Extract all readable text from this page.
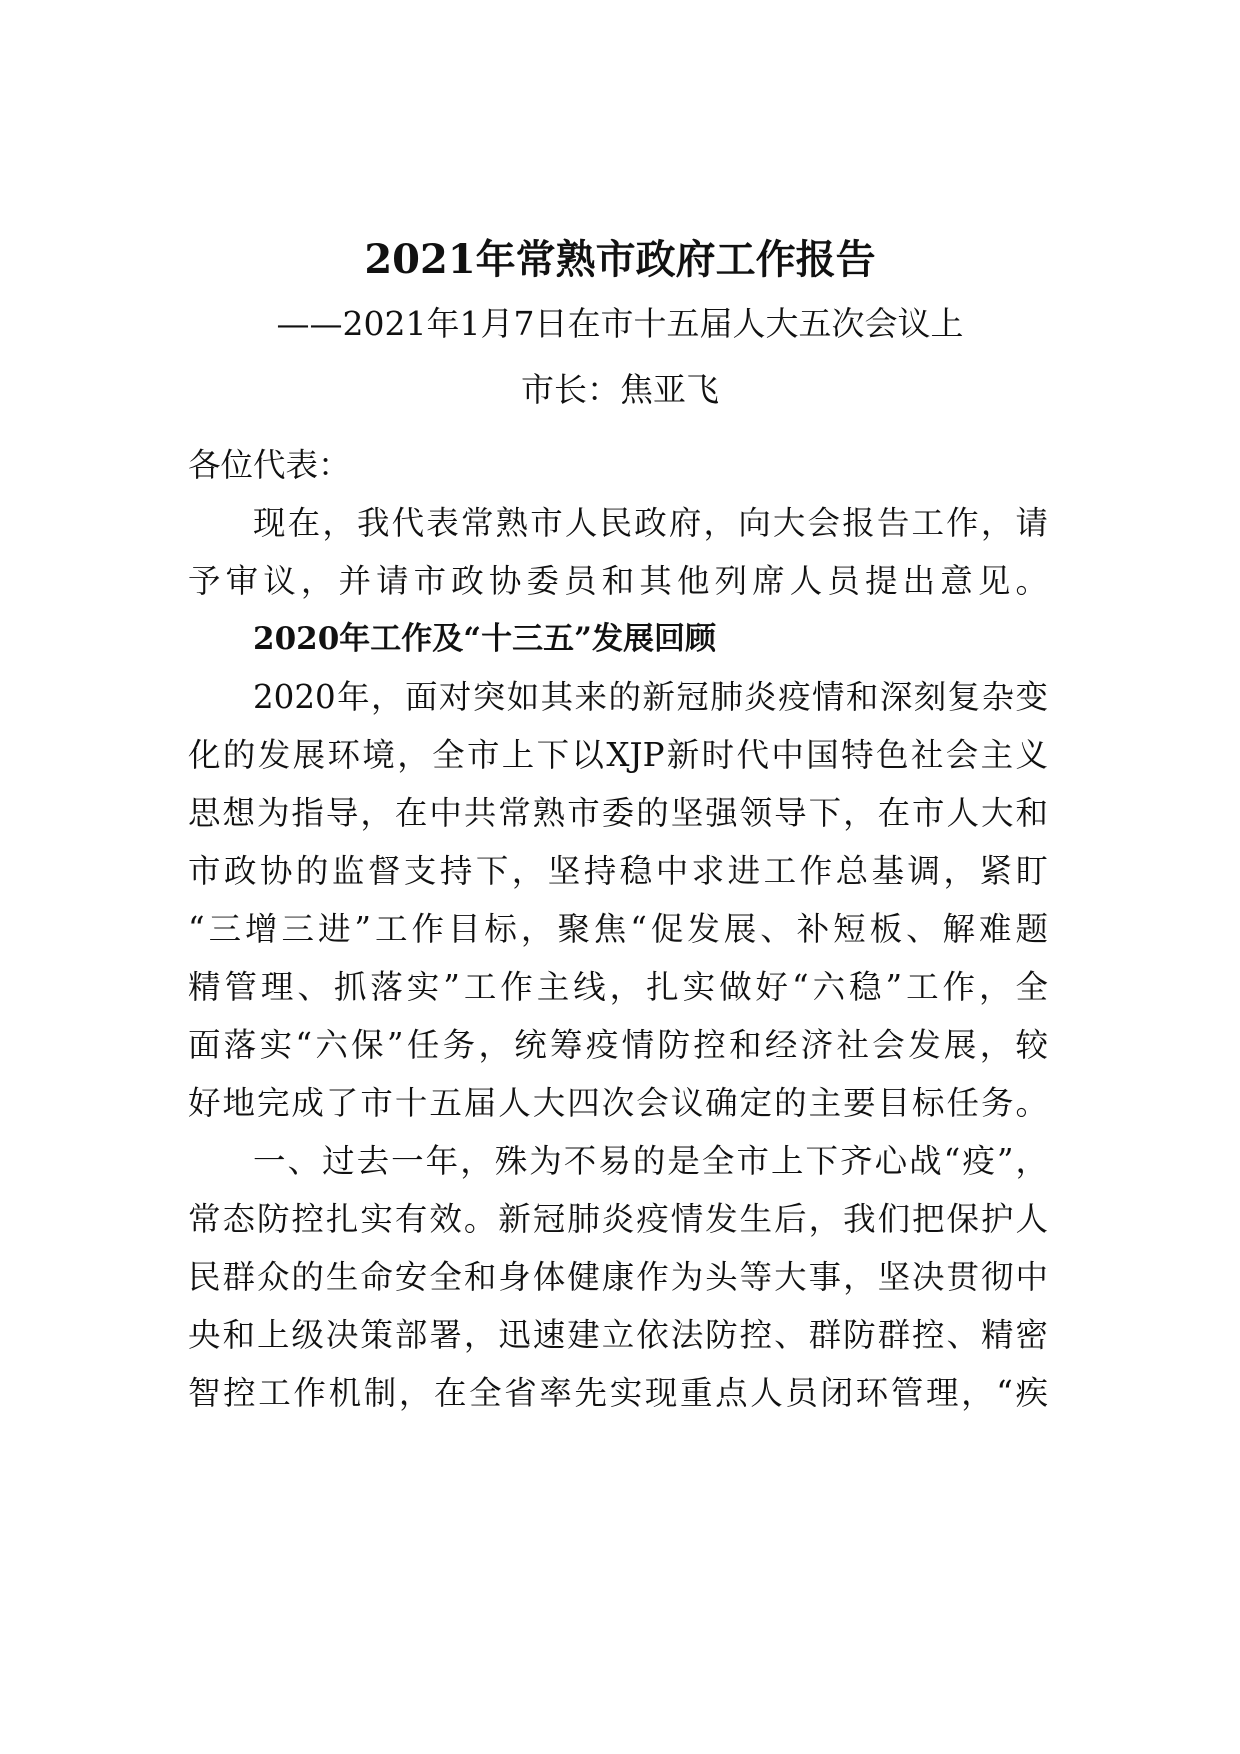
2021年常熟市政府工作报告
——2021年1月7日在市十五届人大五次会议上
市长：焦亚飞
各位代表：
现在，我代表常熟市人民政府，向大会报告工作，请
予审议，并请市政协委员和其他列席人员提出意见。
2020年工作及“十三五”发展回顾
2020年，面对突如其来的新冠肺炎疫情和深刻复杂变
化的发展环境，全市上下以XJP新时代中国特色社会主义
思想为指导，在中共常熟市委的坚强领导下，在市人大和
市政协的监督支持下，坚持稳中求进工作总基调，紧盯
“三增三进”工作目标，聚焦“促发展、补短板、解难题
精管理、抓落实”工作主线，扎实做好“六稳”工作，全
面落实“六保”任务，统筹疫情防控和经济社会发展，较
好地完成了市十五届人大四次会议确定的主要目标任务。
一、过去一年，殊为不易的是全市上下齐心战“疫”，
常态防控扎实有效。新冠肺炎疫情发生后，我们把保护人
民群众的生命安全和身体健康作为头等大事，坚决贯彻中
央和上级决策部署，迅速建立依法防控、群防群控、精密
智控工作机制，在全省率先实现重点人员闭环管理，“疾
